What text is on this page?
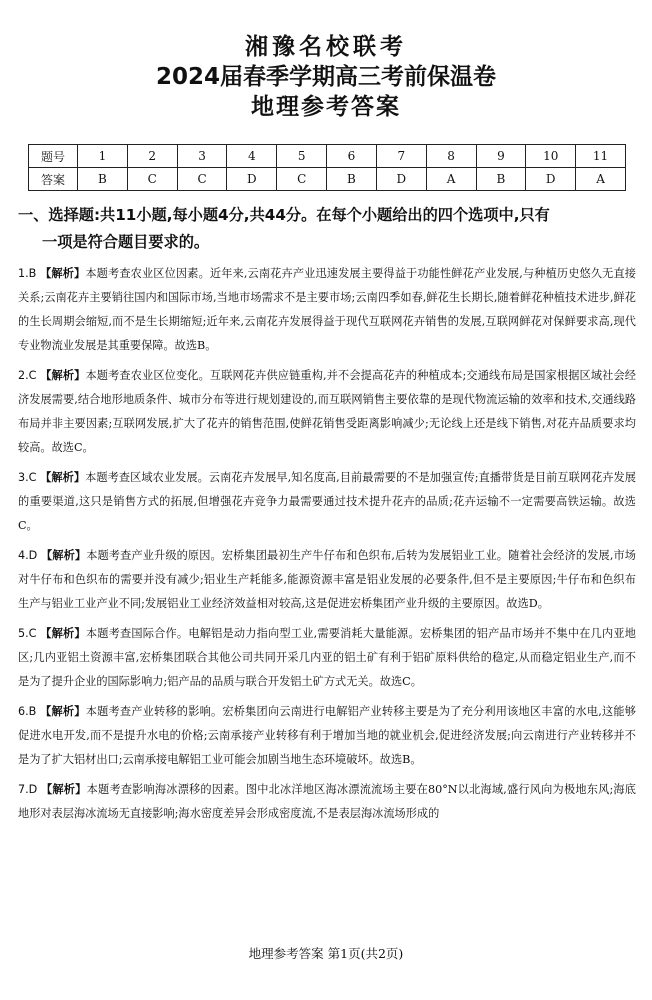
湘豫名校联考

2024届春季学期高三考前保温卷

地理参考答案

题号	1	2	3	4	5	6	7	8	9	10	11
答案	B	C	C	D	C	B	D	A	B	D	A
一、选择题:共11小题,每小题4分,共44分。在每个小题给出的四个选项中,只有
一项是符合题目要求的。
1.B 【解析】本题考查农业区位因素。近年来,云南花卉产业迅速发展主要得益于功能性鲜花产业发展,与种植历史悠久无直接关系;云南花卉主要销往国内和国际市场,当地市场需求不是主要市场;云南四季如春,鲜花生长期长,随着鲜花种植技术进步,鲜花的生长周期会缩短,而不是生长期缩短;近年来,云南花卉发展得益于现代互联网花卉销售的发展,互联网鲜花对保鲜要求高,现代专业物流业发展是其重要保障。故选B。
2.C 【解析】本题考查农业区位变化。互联网花卉供应链重构,并不会提高花卉的种植成本;交通线布局是国家根据区域社会经济发展需要,结合地形地质条件、城市分布等进行规划建设的,而互联网销售主要依靠的是现代物流运输的效率和技术,交通线路布局并非主要因素;互联网发展,扩大了花卉的销售范围,使鲜花销售受距离影响减少;无论线上还是线下销售,对花卉品质要求均较高。故选C。
3.C 【解析】本题考查区域农业发展。云南花卉发展早,知名度高,目前最需要的不是加强宣传;直播带货是目前互联网花卉发展的重要渠道,这只是销售方式的拓展,但增强花卉竞争力最需要通过技术提升花卉的品质;花卉运输不一定需要高铁运输。故选C。
4.D 【解析】本题考查产业升级的原因。宏桥集团最初生产牛仔布和色织布,后转为发展铝业工业。随着社会经济的发展,市场对牛仔布和色织布的需要并没有减少;铝业生产耗能多,能源资源丰富是铝业发展的必要条件,但不是主要原因;牛仔布和色织布生产与铝业工业产业不同;发展铝业工业经济效益相对较高,这是促进宏桥集团产业升级的主要原因。故选D。
5.C 【解析】本题考查国际合作。电解铝是动力指向型工业,需要消耗大量能源。宏桥集团的铝产品市场并不集中在几内亚地区;几内亚铝土资源丰富,宏桥集团联合其他公司共同开采几内亚的铝土矿有利于铝矿原料供给的稳定,从而稳定铝业生产,而不是为了提升企业的国际影响力;铝产品的品质与联合开发铝土矿方式无关。故选C。
6.B 【解析】本题考查产业转移的影响。宏桥集团向云南进行电解铝产业转移主要是为了充分利用该地区丰富的水电,这能够促进水电开发,而不是提升水电的价格;云南承接产业转移有利于增加当地的就业机会,促进经济发展;向云南进行产业转移并不是为了扩大铝材出口;云南承接电解铝工业可能会加剧当地生态环境破坏。故选B。
7.D 【解析】本题考查影响海冰漂移的因素。图中北冰洋地区海冰漂流流场主要在80°N以北海域,盛行风向为极地东风;海底地形对表层海冰流场无直接影响;海水密度差异会形成密度流,不是表层海冰流场形成的
地理参考答案 第1页(共2页)
